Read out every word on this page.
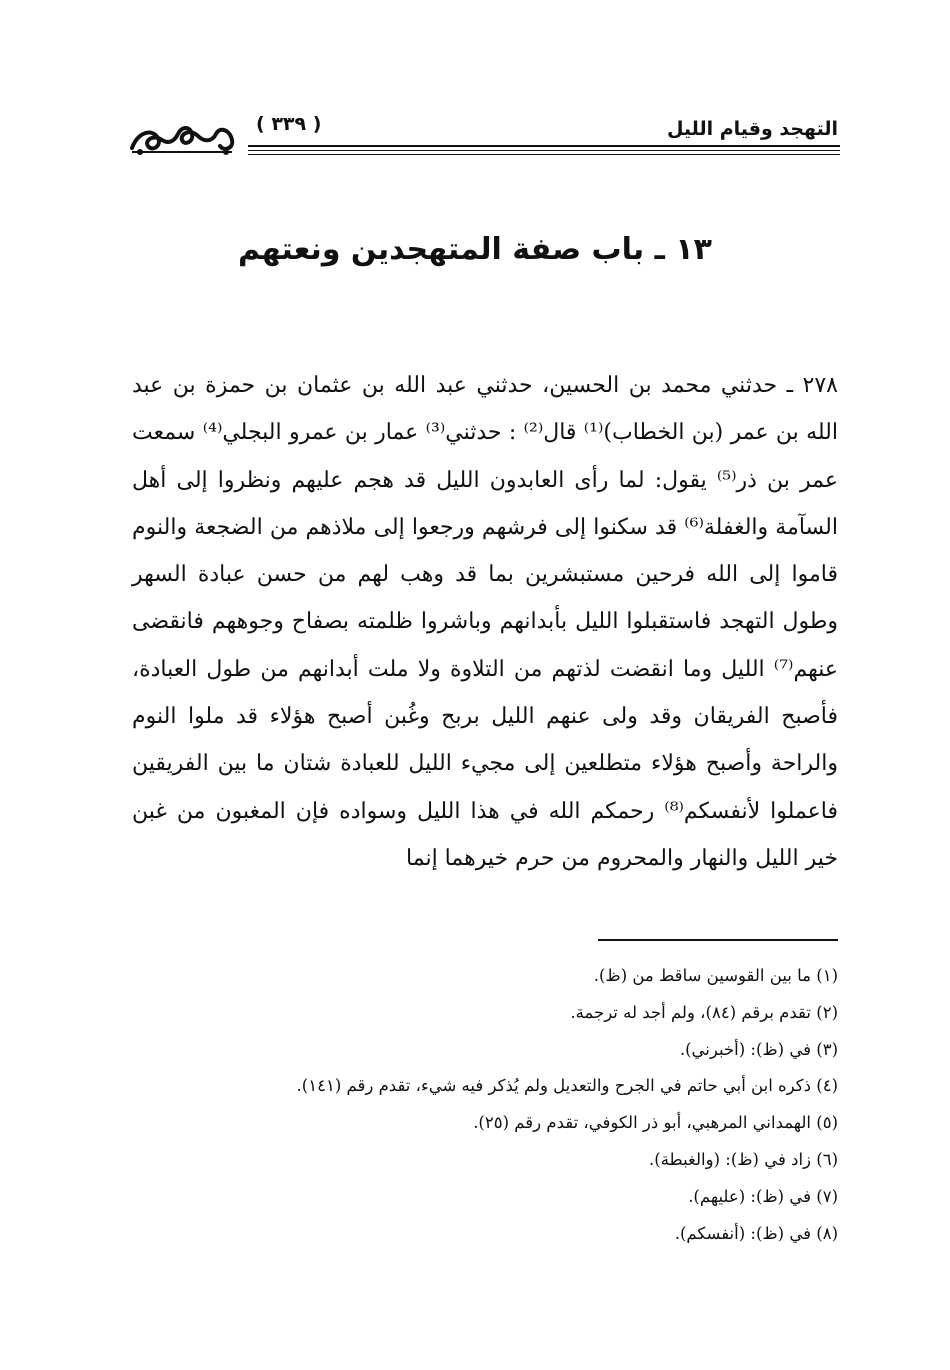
التهجد وقيام الليل
( ٣٣٩ )
١٣ ـ باب صفة المتهجدين ونعتهم
٢٧٨ ـ حدثني محمد بن الحسين، حدثني عبد الله بن عثمان بن حمزة بن عبد الله بن عمر (بن الخطاب)⁽¹⁾ قال⁽²⁾ : حدثني⁽³⁾ عمار بن عمرو البجلي⁽⁴⁾ سمعت عمر بن ذر⁽⁵⁾ يقول: لما رأى العابدون الليل قد هجم عليهم ونظروا إلى أهل السآمة والغفلة⁽⁶⁾ قد سكنوا إلى فرشهم ورجعوا إلى ملاذهم من الضجعة والنوم قاموا إلى الله فرحين مستبشرين بما قد وهب لهم من حسن عبادة السهر وطول التهجد فاستقبلوا الليل بأبدانهم وباشروا ظلمته بصفاح وجوههم فانقضى عنهم⁽⁷⁾ الليل وما انقضت لذتهم من التلاوة ولا ملت أبدانهم من طول العبادة، فأصبح الفريقان وقد ولى عنهم الليل بربح وغُبن أصبح هؤلاء قد ملوا النوم والراحة وأصبح هؤلاء متطلعين إلى مجيء الليل للعبادة شتان ما بين الفريقين فاعملوا لأنفسكم⁽⁸⁾ رحمكم الله في هذا الليل وسواده فإن المغبون من غبن خير الليل والنهار والمحروم من حرم خيرهما إنما
(١) ما بين القوسين ساقط من (ظ).
(٢) تقدم برقم (٨٤)، ولم أجد له ترجمة.
(٣) في (ظ): (أخبرني).
(٤) ذكره ابن أبي حاتم في الجرح والتعديل ولم يُذكر فيه شيء، تقدم رقم (١٤١).
(٥) الهمداني المرهبي، أبو ذر الكوفي، تقدم رقم (٢٥).
(٦) زاد في (ظ): (والغبطة).
(٧) في (ظ): (عليهم).
(٨) في (ظ): (أنفسكم).
